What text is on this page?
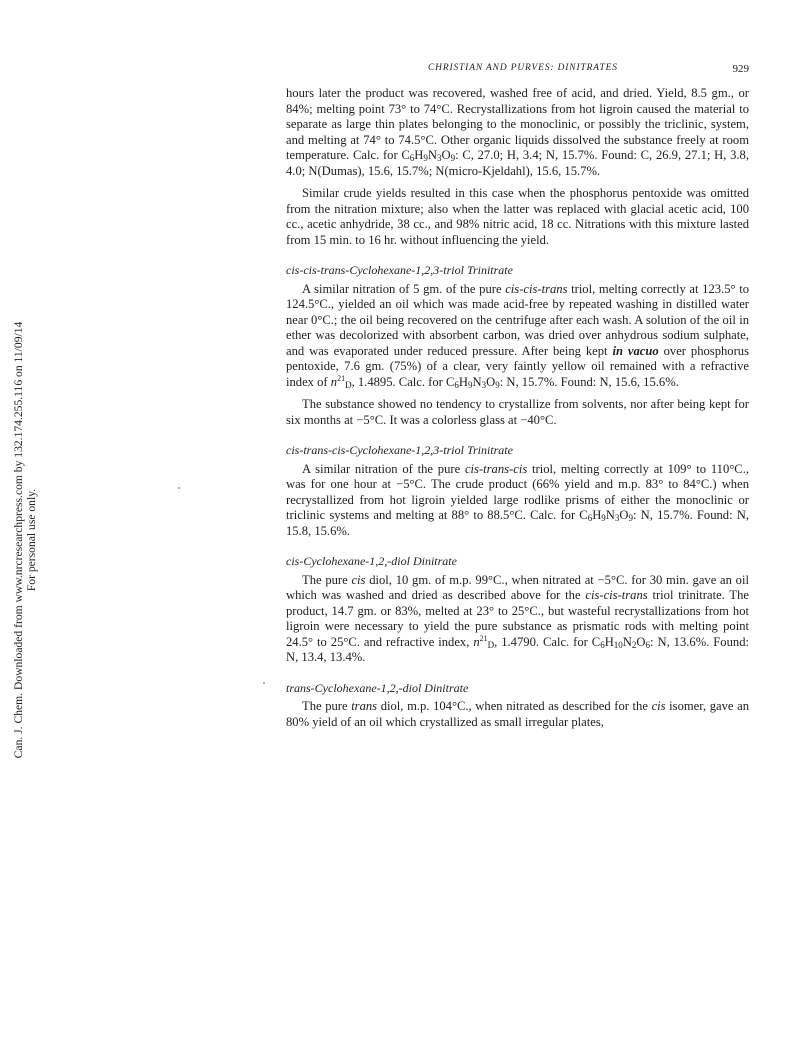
CHRISTIAN AND PURVES: DINITRATES	929
Can. J. Chem. Downloaded from www.nrcresearchpress.com by 132.174.255.116 on 11/09/14 For personal use only.

hours later the product was recovered, washed free of acid, and dried. Yield, 8.5 gm., or 84%; melting point 73° to 74°C. Recrystallizations from hot ligroin caused the material to separate as large thin plates belonging to the monoclinic, or possibly the triclinic, system, and melting at 74° to 74.5°C. Other organic liquids dissolved the substance freely at room temperature. Calc. for $C_6H_9N_3O_9$: C, 27.0; H, 3.4; N, 15.7%. Found: C, 26.9, 27.1; H, 3.8, 4.0; N(Dumas), 15.6, 15.7%; N(micro-Kjeldahl), 15.6, 15.7%.

Similar crude yields resulted in this case when the phosphorus pentoxide was omitted from the nitration mixture; also when the latter was replaced with glacial acetic acid, 100 cc., acetic anhydride, 38 cc., and 98% nitric acid, 18 cc. Nitrations with this mixture lasted from 15 min. to 16 hr. without influencing the yield.

cis-cis-trans-Cyclohexane-1,2,3-triol Trinitrate

A similar nitration of 5 gm. of the pure cis-cis-trans triol, melting correctly at 123.5° to 124.5°C., yielded an oil which was made acid-free by repeated washing in distilled water near 0°C.; the oil being recovered on the centrifuge after each wash. A solution of the oil in ether was decolorized with absorbent carbon, was dried over anhydrous sodium sulphate, and was evaporated under reduced pressure. After being kept in vacuo over phosphorus pentoxide, 7.6 gm. (75%) of a clear, very faintly yellow oil remained with a refractive index of $n^{21}_D$, 1.4895. Calc. for $C_6H_9N_3O_9$: N, 15.7%. Found: N, 15.6, 15.6%.

The substance showed no tendency to crystallize from solvents, nor after being kept for six months at −5°C. It was a colorless glass at −40°C.

cis-trans-cis-Cyclohexane-1,2,3-triol Trinitrate

A similar nitration of the pure cis-trans-cis triol, melting correctly at 109° to 110°C., was for one hour at −5°C. The crude product (66% yield and m.p. 83° to 84°C.) when recrystallized from hot ligroin yielded large rodlike prisms of either the monoclinic or triclinic systems and melting at 88° to 88.5°C. Calc. for $C_6H_9N_3O_9$: N, 15.7%. Found: N, 15.8, 15.6%.

cis-Cyclohexane-1,2,-diol Dinitrate

The pure cis diol, 10 gm. of m.p. 99°C., when nitrated at −5°C. for 30 min. gave an oil which was washed and dried as described above for the cis-cis-trans triol trinitrate. The product, 14.7 gm. or 83%, melted at 23° to 25°C., but wasteful recrystallizations from hot ligroin were necessary to yield the pure substance as prismatic rods with melting point 24.5° to 25°C. and refractive index, $n^{21}_D$, 1.4790. Calc. for $C_6H_{10}N_2O_6$: N, 13.6%. Found: N, 13.4, 13.4%.

trans-Cyclohexane-1,2,-diol Dinitrate

The pure trans diol, m.p. 104°C., when nitrated as described for the cis isomer, gave an 80% yield of an oil which crystallized as small irregular plates,
